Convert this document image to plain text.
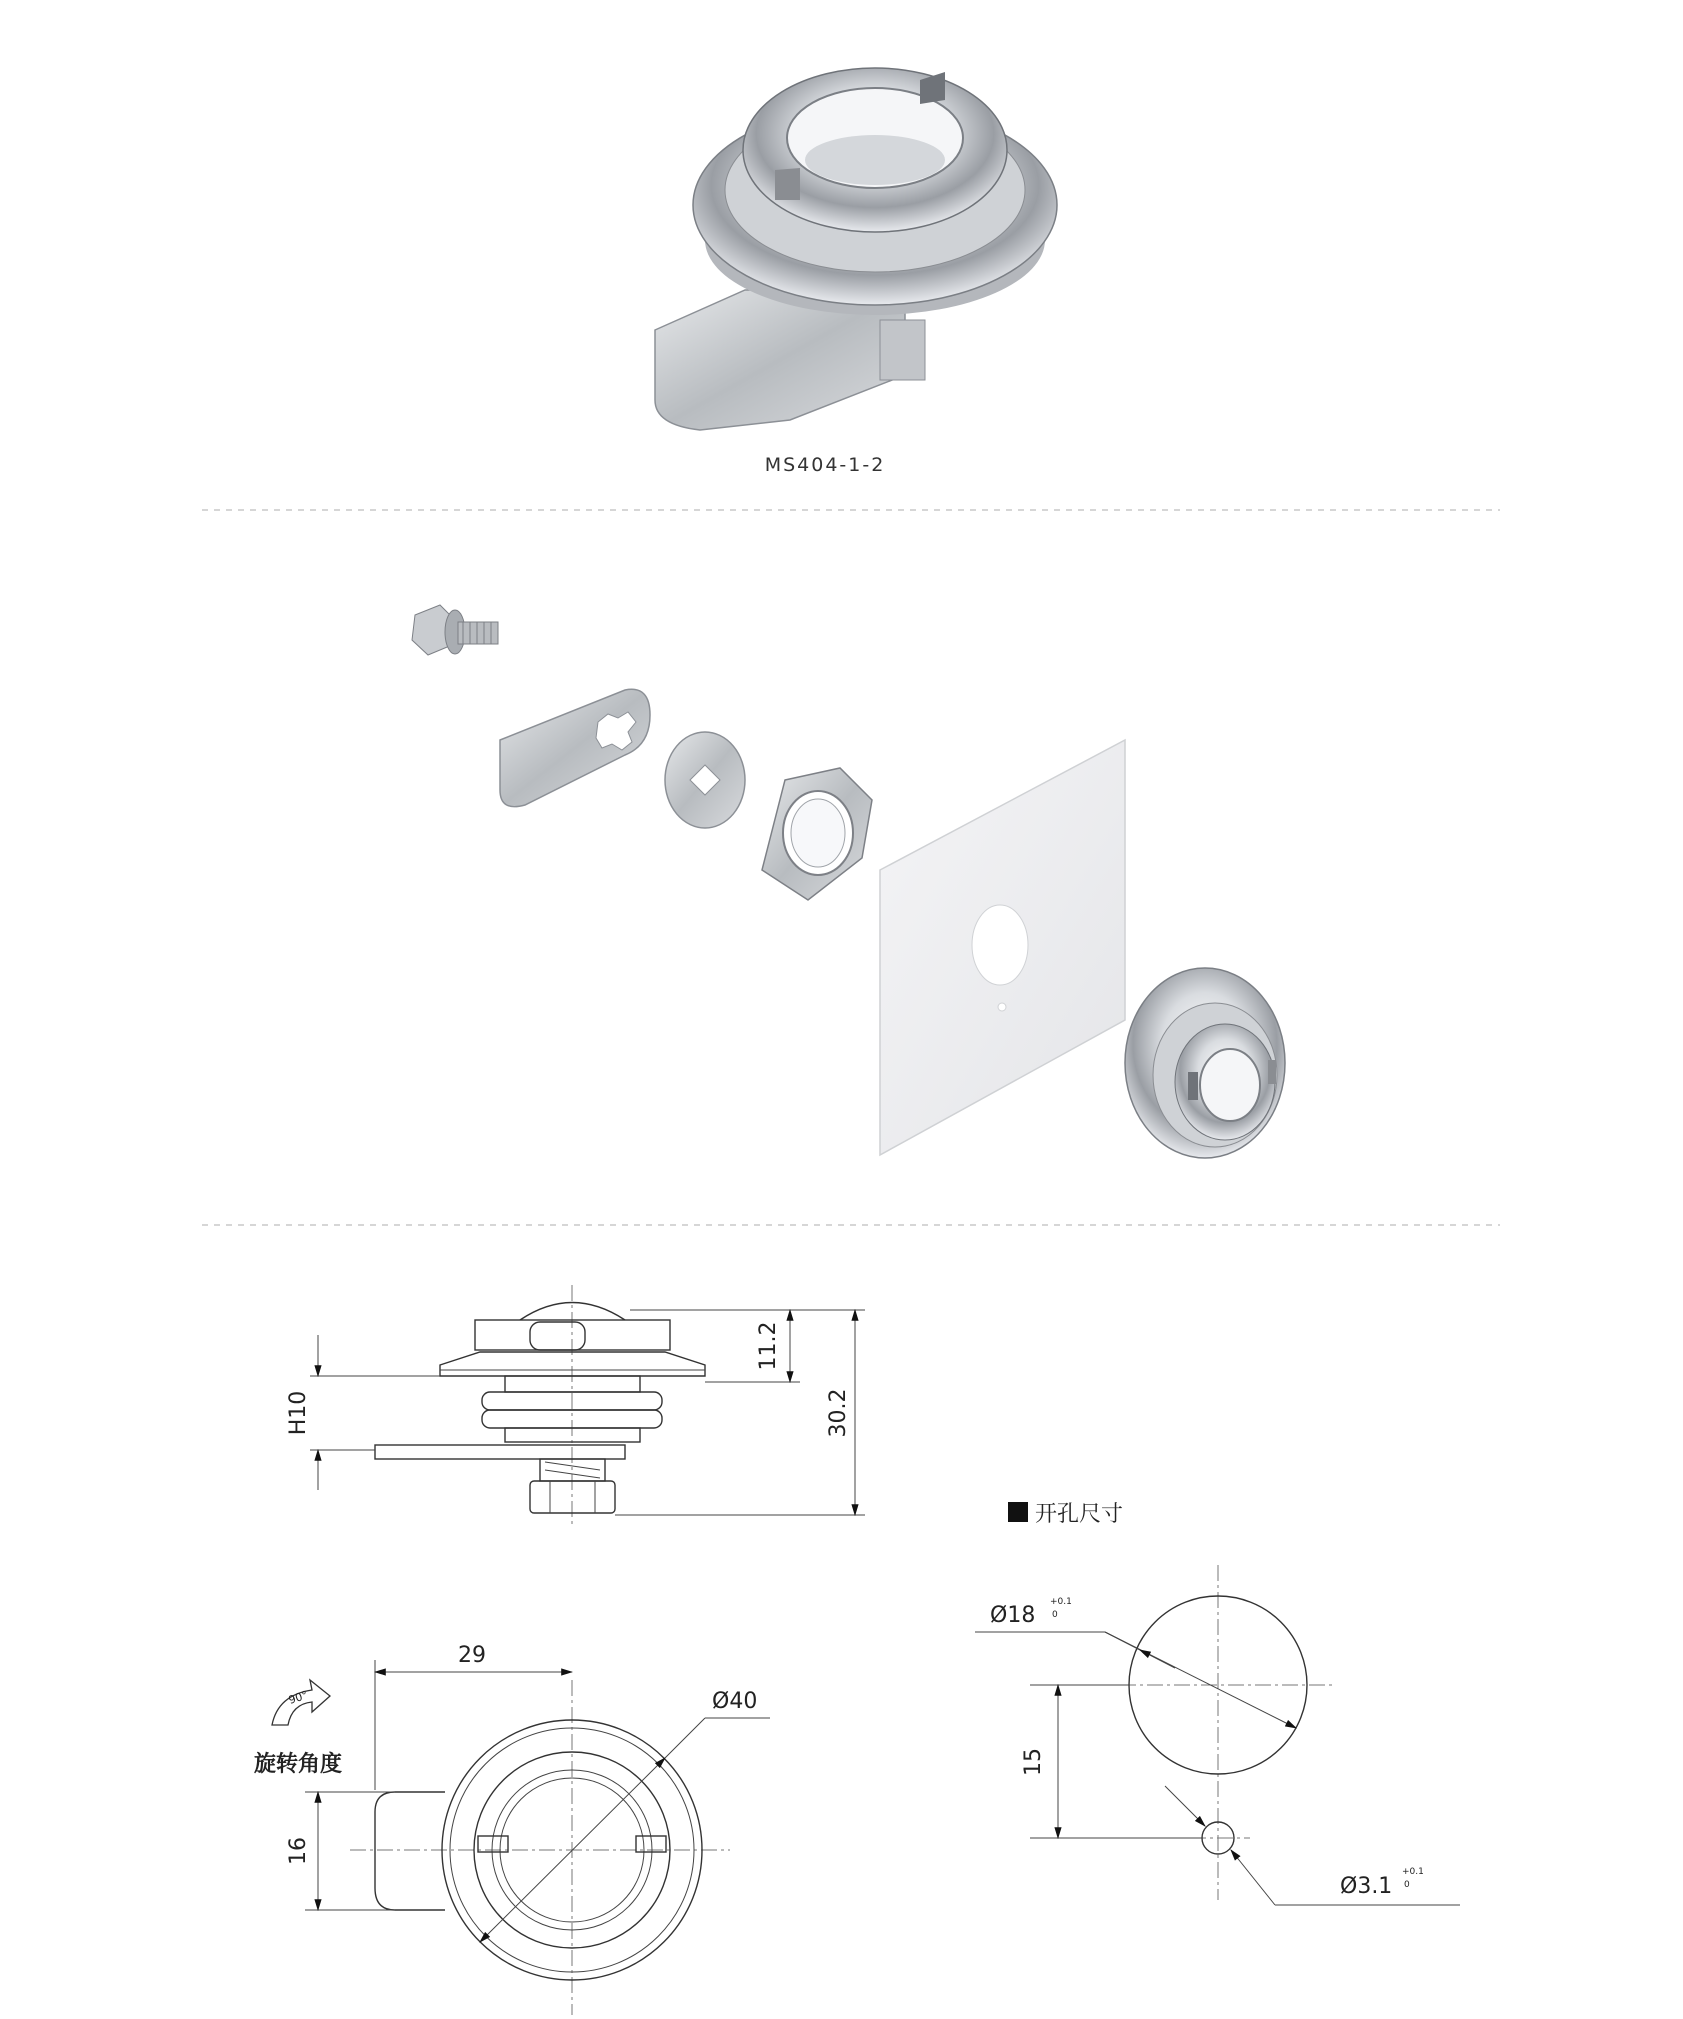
MS404-1-2
11.2
30.2
H10
29
Ø40
16
90°
旋转角度
开孔尺寸
Ø18
+0.1
0
15
Ø3.1
+0.1
0
